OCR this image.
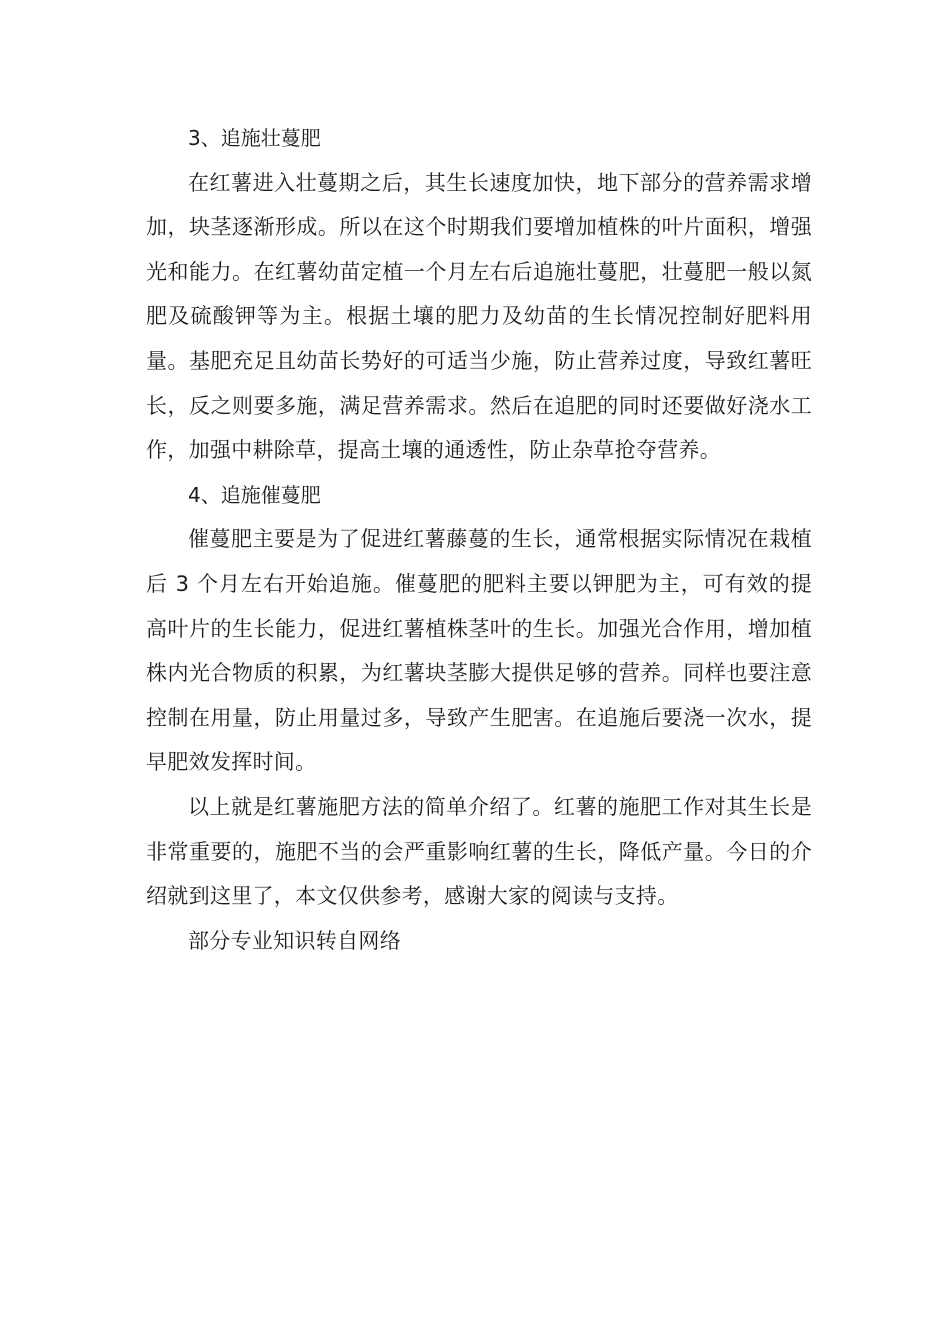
3、追施壮蔓肥

在红薯进入壮蔓期之后，其生长速度加快，地下部分的营养需求增加，块茎逐渐形成。所以在这个时期我们要增加植株的叶片面积，增强光和能力。在红薯幼苗定植一个月左右后追施壮蔓肥，壮蔓肥一般以氮肥及硫酸钾等为主。根据土壤的肥力及幼苗的生长情况控制好肥料用量。基肥充足且幼苗长势好的可适当少施，防止营养过度，导致红薯旺长，反之则要多施，满足营养需求。然后在追肥的同时还要做好浇水工作，加强中耕除草，提高土壤的通透性，防止杂草抢夺营养。

4、追施催蔓肥

催蔓肥主要是为了促进红薯藤蔓的生长，通常根据实际情况在栽植后 3 个月左右开始追施。催蔓肥的肥料主要以钾肥为主，可有效的提高叶片的生长能力，促进红薯植株茎叶的生长。加强光合作用，增加植株内光合物质的积累，为红薯块茎膨大提供足够的营养。同样也要注意控制在用量，防止用量过多，导致产生肥害。在追施后要浇一次水，提早肥效发挥时间。

以上就是红薯施肥方法的简单介绍了。红薯的施肥工作对其生长是非常重要的，施肥不当的会严重影响红薯的生长，降低产量。今日的介绍就到这里了，本文仅供参考，感谢大家的阅读与支持。

部分专业知识转自网络
